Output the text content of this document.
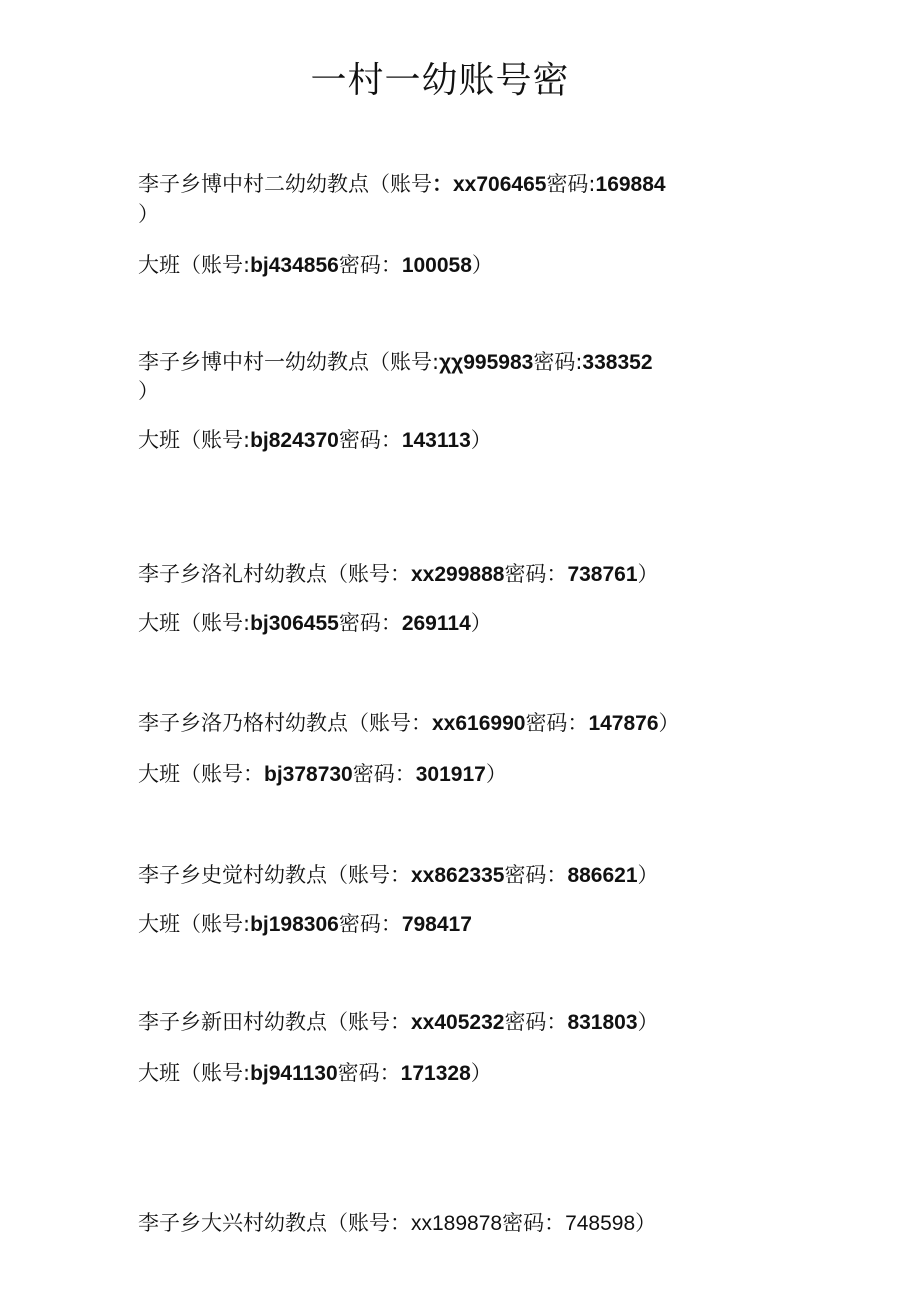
一村一幼账号密
李子乡博中村二幼幼教点（账号：xx706465密码:169884
）
大班（账号:bj434856密码：100058）
李子乡博中村一幼幼教点（账号:χχ995983密码:338352
）
大班（账号:bj824370密码：143113）
李子乡洛礼村幼教点（账号：xx299888密码：738761）
大班（账号:bj306455密码：269114）
李子乡洛乃格村幼教点（账号：xx616990密码：147876）
大班（账号：bj378730密码：301917）
李子乡史觉村幼教点（账号：xx862335密码：886621）
大班（账号:bj198306密码：798417
李子乡新田村幼教点（账号：xx405232密码：831803）
大班（账号:bj941130密码：171328）
李子乡大兴村幼教点（账号：xx189878密码：748598）
